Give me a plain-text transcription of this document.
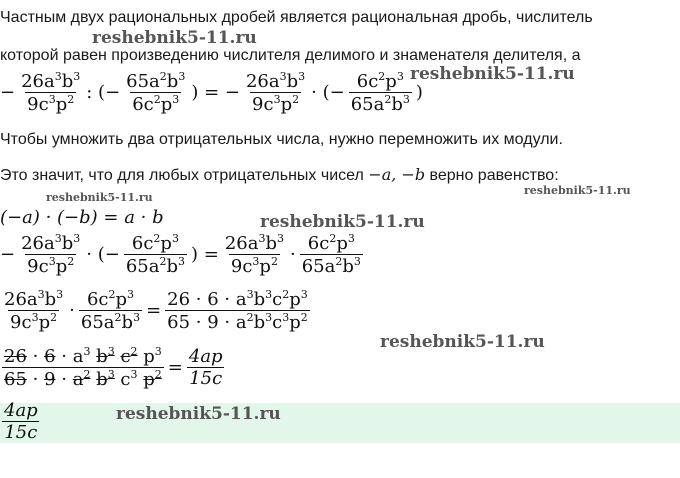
Частным двух рациональных дробей является рациональная дробь, числитель
которой равен произведению числителя делимого и знаменателя делителя, а
reshebnik5-11.ru
− $\frac{26a^3b^3}{9c^3p^2}$ : (− $\frac{65a^2b^3}{6c^2p^3}$ ) = − $\frac{26a^3b^3}{9c^3p^2}$ · (− $\frac{6c^2p^3}{65a^2b^3}$ )
reshebnik5-11.ru
Чтобы умножить два отрицательных числа, нужно перемножить их модули.
Это значит, что для любых отрицательных чисел −a, −b верно равенство:
reshebnik5-11.ru
reshebnik5-11.ru
(−a) · (−b) = a · b	reshebnik5-11.ru
− $\frac{26a^3b^3}{9c^3p^2}$ · (− $\frac{6c^2p^3}{65a^2b^3}$ ) = $\frac{26a^3b^3}{9c^3p^2} \cdot \frac{6c^2p^3}{65a^2b^3}$
$\frac{26a^3b^3}{9c^3p^2} \cdot \frac{6c^2p^3}{65a^2b^3} = \frac{26 \cdot 6 \cdot a^3b^3c^2p^3}{65 \cdot 9 \cdot a^2b^3c^3p^2}$
reshebnik5-11.ru
$\frac{26 \cdot 6 \cdot a^3 b^3 c^2 p^3}{65 \cdot 9 \cdot a^2 b^3 c^3 p^2} = \frac{4ap}{15c}$
$\frac{4ap}{15c}$	reshebnik5-11.ru
